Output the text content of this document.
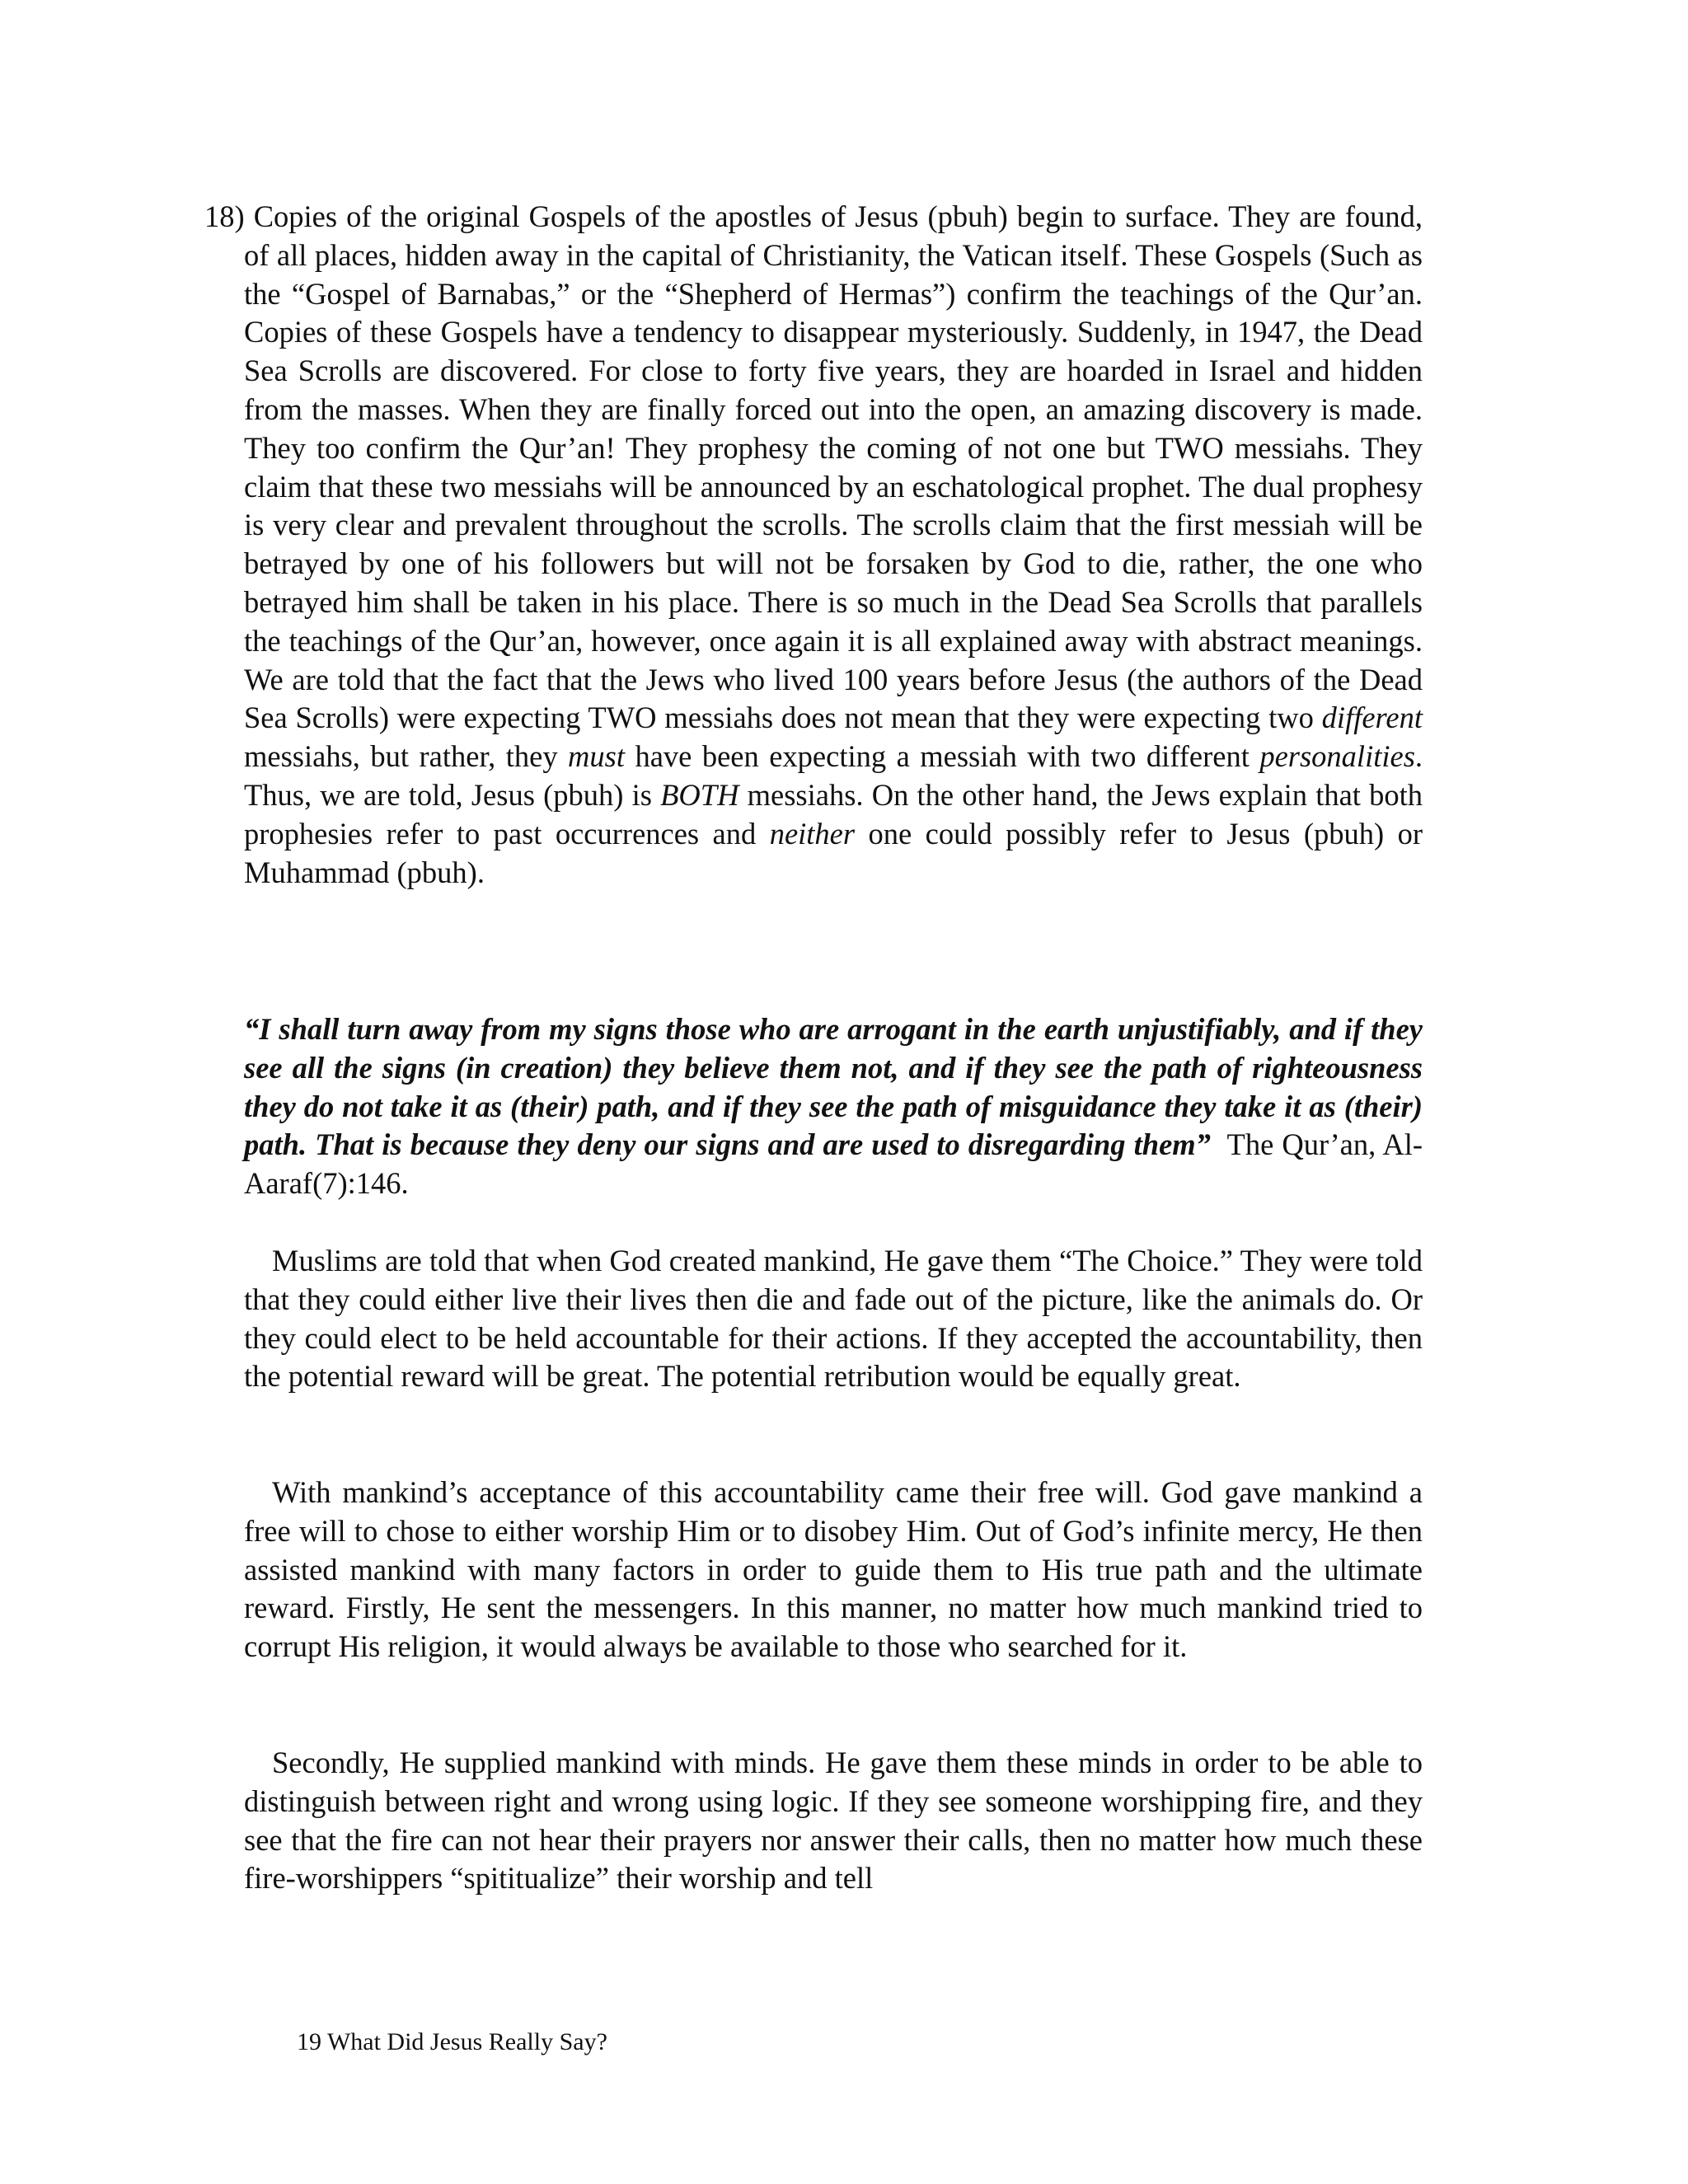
18) Copies of the original Gospels of the apostles of Jesus (pbuh) begin to surface. They are found, of all places, hidden away in the capital of Christianity, the Vatican itself. These Gospels (Such as the “Gospel of Barnabas,” or the “Shepherd of Hermas”) confirm the teachings of the Qur’an. Copies of these Gospels have a tendency to disappear mysteriously. Suddenly, in 1947, the Dead Sea Scrolls are discovered. For close to forty five years, they are hoarded in Israel and hidden from the masses. When they are finally forced out into the open, an amazing discovery is made. They too confirm the Qur’an! They prophesy the coming of not one but TWO messiahs. They claim that these two messiahs will be announced by an eschatological prophet. The dual prophesy is very clear and prevalent throughout the scrolls. The scrolls claim that the first messiah will be betrayed by one of his followers but will not be forsaken by God to die, rather, the one who betrayed him shall be taken in his place. There is so much in the Dead Sea Scrolls that parallels the teachings of the Qur’an, however, once again it is all explained away with abstract meanings. We are told that the fact that the Jews who lived 100 years before Jesus (the authors of the Dead Sea Scrolls) were expecting TWO messiahs does not mean that they were expecting two different messiahs, but rather, they must have been expecting a messiah with two different personalities. Thus, we are told, Jesus (pbuh) is BOTH messiahs. On the other hand, the Jews explain that both prophesies refer to past occurrences and neither one could possibly refer to Jesus (pbuh) or Muhammad (pbuh).

“I shall turn away from my signs those who are arrogant in the earth unjustifiably, and if they see all the signs (in creation) they believe them not, and if they see the path of righteousness they do not take it as (their) path, and if they see the path of misguidance they take it as (their) path. That is because they deny our signs and are used to disregarding them” The Qur’an, Al-Aaraf(7):146.

Muslims are told that when God created mankind, He gave them “The Choice.” They were told that they could either live their lives then die and fade out of the picture, like the animals do. Or they could elect to be held accountable for their actions. If they accepted the accountability, then the potential reward will be great. The potential retribution would be equally great.

With mankind’s acceptance of this accountability came their free will. God gave mankind a free will to chose to either worship Him or to disobey Him. Out of God’s infinite mercy, He then assisted mankind with many factors in order to guide them to His true path and the ultimate reward. Firstly, He sent the messengers. In this manner, no matter how much mankind tried to corrupt His religion, it would always be available to those who searched for it.

Secondly, He supplied mankind with minds. He gave them these minds in order to be able to distinguish between right and wrong using logic. If they see someone worshipping fire, and they see that the fire can not hear their prayers nor answer their calls, then no matter how much these fire-worshippers “spititualize” their worship and tell

19 What Did Jesus Really Say?
